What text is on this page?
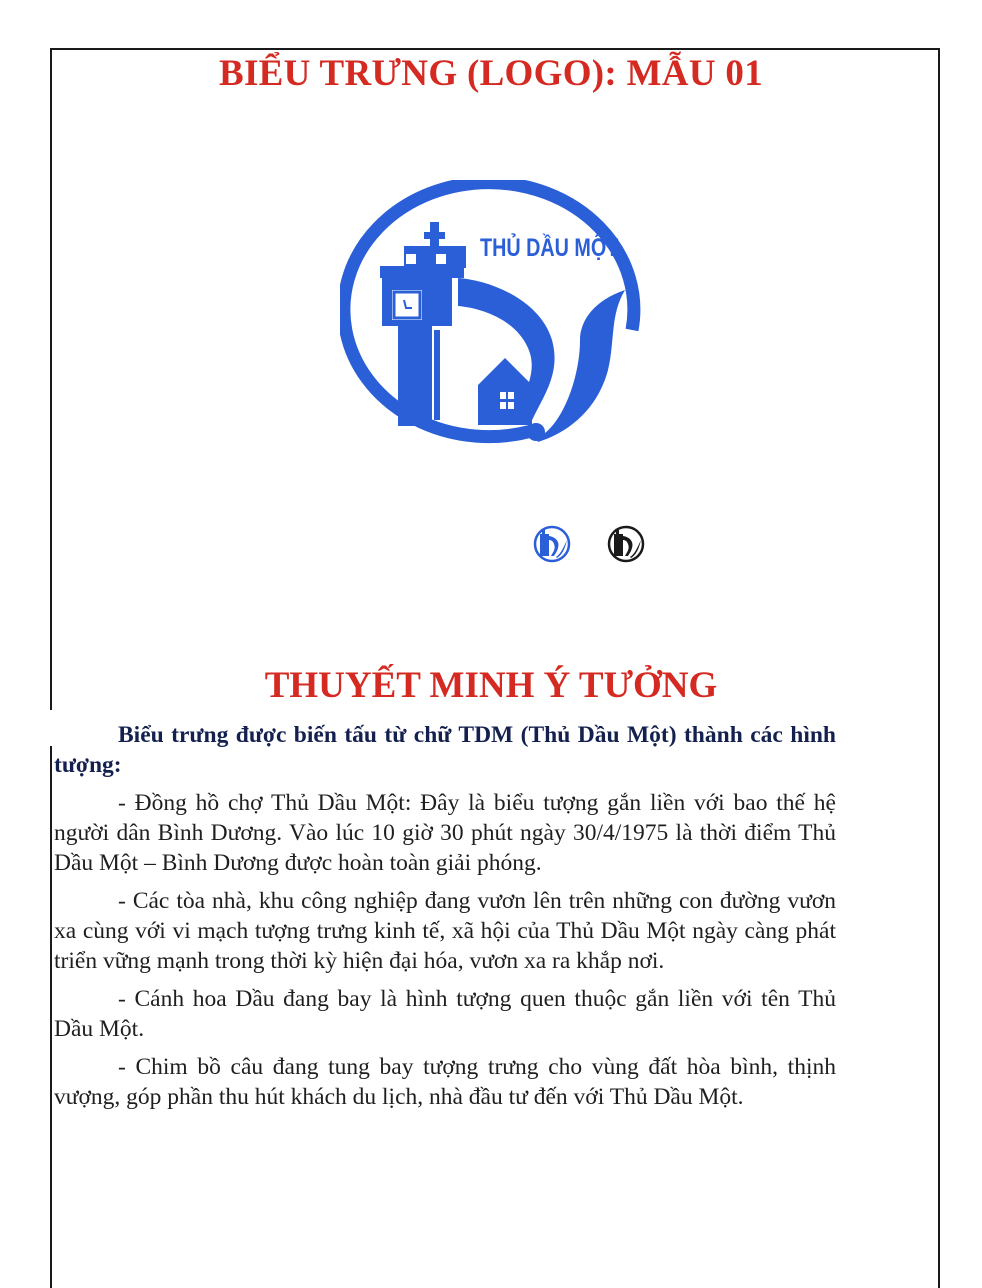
BIỂU TRƯNG (LOGO): MẪU 01
THỦ DẦU MỘT
THUYẾT MINH Ý TƯỞNG

Biểu trưng được biến tấu từ chữ TDM (Thủ Dầu Một) thành các hình tượng:

- Đồng hồ chợ Thủ Dầu Một: Đây là biểu tượng gắn liền với bao thế hệ người dân Bình Dương. Vào lúc 10 giờ 30 phút ngày 30/4/1975 là thời điểm Thủ Dầu Một – Bình Dương được hoàn toàn giải phóng.

- Các tòa nhà, khu công nghiệp đang vươn lên trên những con đường vươn xa cùng với vi mạch tượng trưng kinh tế, xã hội của Thủ Dầu Một ngày càng phát triển vững mạnh trong thời kỳ hiện đại hóa, vươn xa ra khắp nơi.

- Cánh hoa Dầu đang bay là hình tượng quen thuộc gắn liền với tên Thủ Dầu Một.

- Chim bồ câu đang tung bay tượng trưng cho vùng đất hòa bình, thịnh vượng, góp phần thu hút khách du lịch, nhà đầu tư đến với Thủ Dầu Một.
